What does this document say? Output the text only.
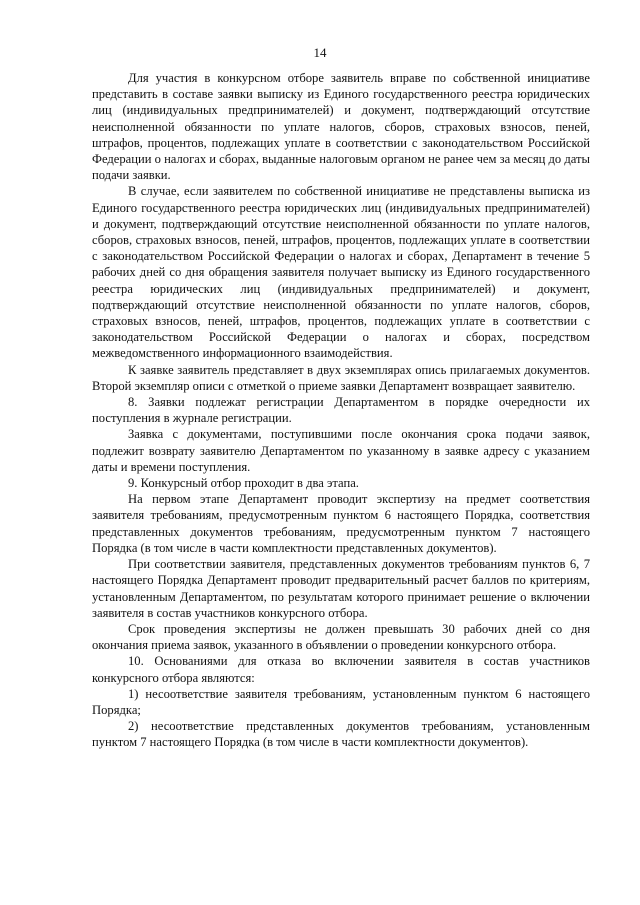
14

Для участия в конкурсном отборе заявитель вправе по собственной инициативе представить в составе заявки выписку из Единого государственного реестра юридических лиц (индивидуальных предпринимателей) и документ, подтверждающий отсутствие неисполненной обязанности по уплате налогов, сборов, страховых взносов, пеней, штрафов, процентов, подлежащих уплате в соответствии с законодательством Российской Федерации о налогах и сборах, выданные налоговым органом не ранее чем за месяц до даты подачи заявки.

В случае, если заявителем по собственной инициативе не представлены выписка из Единого государственного реестра юридических лиц (индивидуальных предпринимателей) и документ, подтверждающий отсутствие неисполненной обязанности по уплате налогов, сборов, страховых взносов, пеней, штрафов, процентов, подлежащих уплате в соответствии с законодательством Российской Федерации о налогах и сборах, Департамент в течение 5 рабочих дней со дня обращения заявителя получает выписку из Единого государственного реестра юридических лиц (индивидуальных предпринимателей) и документ, подтверждающий отсутствие неисполненной обязанности по уплате налогов, сборов, страховых взносов, пеней, штрафов, процентов, подлежащих уплате в соответствии с законодательством Российской Федерации о налогах и сборах, посредством межведомственного информационного взаимодействия.

К заявке заявитель представляет в двух экземплярах опись прилагаемых документов. Второй экземпляр описи с отметкой о приеме заявки Департамент возвращает заявителю.

8. Заявки подлежат регистрации Департаментом в порядке очередности их поступления в журнале регистрации.

Заявка с документами, поступившими после окончания срока подачи заявок, подлежит возврату заявителю Департаментом по указанному в заявке адресу с указанием даты и времени поступления.

9. Конкурсный отбор проходит в два этапа.

На первом этапе Департамент проводит экспертизу на предмет соответствия заявителя требованиям, предусмотренным пунктом 6 настоящего Порядка, соответствия представленных документов требованиям, предусмотренным пунктом 7 настоящего Порядка (в том числе в части комплектности представленных документов).

При соответствии заявителя, представленных документов требованиям пунктов 6, 7 настоящего Порядка Департамент проводит предварительный расчет баллов по критериям, установленным Департаментом, по результатам которого принимает решение о включении заявителя в состав участников конкурсного отбора.

Срок проведения экспертизы не должен превышать 30 рабочих дней со дня окончания приема заявок, указанного в объявлении о проведении конкурсного отбора.

10. Основаниями для отказа во включении заявителя в состав участников конкурсного отбора являются:

1) несоответствие заявителя требованиям, установленным пунктом 6 настоящего Порядка;

2) несоответствие представленных документов требованиям, установленным пунктом 7 настоящего Порядка (в том числе в части комплектности документов).
